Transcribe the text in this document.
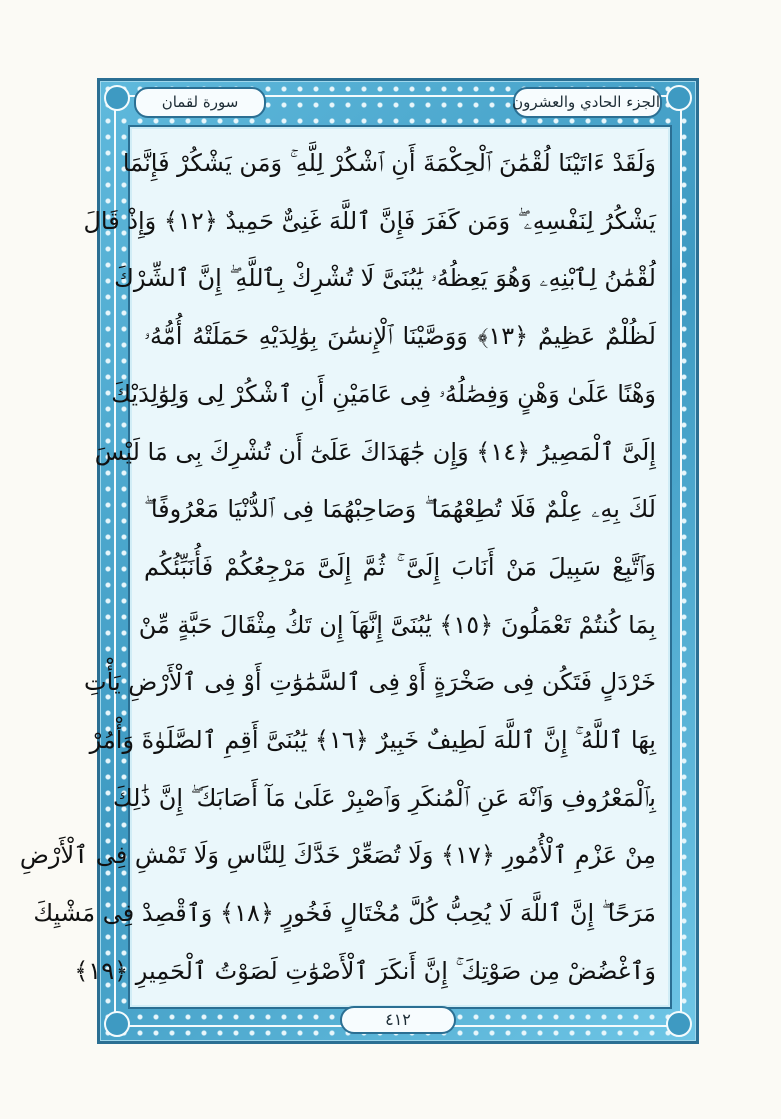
سورة لقمان	الجزء الحادي والعشرون
وَلَقَدْ ءَاتَيْنَا لُقْمَٰنَ ٱلْحِكْمَةَ أَنِ ٱشْكُرْ لِلَّهِ ۚ وَمَن يَشْكُرْ فَإِنَّمَا
يَشْكُرُ لِنَفْسِهِۦ ۖ وَمَن كَفَرَ فَإِنَّ ٱللَّهَ غَنِىٌّ حَمِيدٌ ﴿١٢﴾ وَإِذْ قَالَ
لُقْمَٰنُ لِٱبْنِهِۦ وَهُوَ يَعِظُهُۥ يَٰبُنَىَّ لَا تُشْرِكْ بِٱللَّهِ ۖ إِنَّ ٱلشِّرْكَ
لَظُلْمٌ عَظِيمٌ ﴿١٣﴾ وَوَصَّيْنَا ٱلْإِنسَٰنَ بِوَٰلِدَيْهِ حَمَلَتْهُ أُمُّهُۥ
وَهْنًا عَلَىٰ وَهْنٍ وَفِصَٰلُهُۥ فِى عَامَيْنِ أَنِ ٱشْكُرْ لِى وَلِوَٰلِدَيْكَ
إِلَىَّ ٱلْمَصِيرُ ﴿١٤﴾ وَإِن جَٰهَدَاكَ عَلَىٰٓ أَن تُشْرِكَ بِى مَا لَيْسَ
لَكَ بِهِۦ عِلْمٌ فَلَا تُطِعْهُمَا ۖ وَصَاحِبْهُمَا فِى ٱلدُّنْيَا مَعْرُوفًا ۖ
وَٱتَّبِعْ سَبِيلَ مَنْ أَنَابَ إِلَىَّ ۚ ثُمَّ إِلَىَّ مَرْجِعُكُمْ فَأُنَبِّئُكُم
بِمَا كُنتُمْ تَعْمَلُونَ ﴿١٥﴾ يَٰبُنَىَّ إِنَّهَآ إِن تَكُ مِثْقَالَ حَبَّةٍ مِّنْ
خَرْدَلٍ فَتَكُن فِى صَخْرَةٍ أَوْ فِى ٱلسَّمَٰوَٰتِ أَوْ فِى ٱلْأَرْضِ يَأْتِ
بِهَا ٱللَّهُ ۚ إِنَّ ٱللَّهَ لَطِيفٌ خَبِيرٌ ﴿١٦﴾ يَٰبُنَىَّ أَقِمِ ٱلصَّلَوٰةَ وَأْمُرْ
بِٱلْمَعْرُوفِ وَٱنْهَ عَنِ ٱلْمُنكَرِ وَٱصْبِرْ عَلَىٰ مَآ أَصَابَكَ ۖ إِنَّ ذَٰلِكَ
مِنْ عَزْمِ ٱلْأُمُورِ ﴿١٧﴾ وَلَا تُصَعِّرْ خَدَّكَ لِلنَّاسِ وَلَا تَمْشِ فِى ٱلْأَرْضِ
مَرَحًا ۖ إِنَّ ٱللَّهَ لَا يُحِبُّ كُلَّ مُخْتَالٍ فَخُورٍ ﴿١٨﴾ وَٱقْصِدْ فِى مَشْيِكَ
وَٱغْضُضْ مِن صَوْتِكَ ۚ إِنَّ أَنكَرَ ٱلْأَصْوَٰتِ لَصَوْتُ ٱلْحَمِيرِ ﴿١٩﴾
٤١٢
